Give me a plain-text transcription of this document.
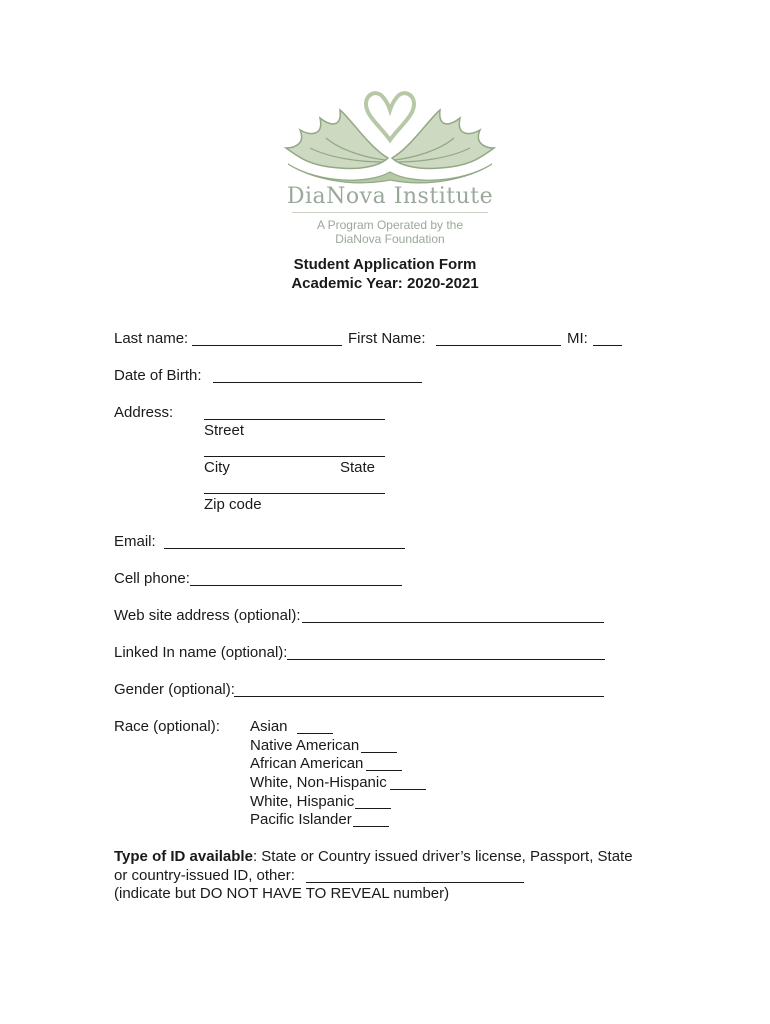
DiaNova Institute
A Program Operated by the
DiaNova Foundation
Student Application Form
Academic Year: 2020-2021
Last name:	First Name:	MI:
Date of Birth:
Address:
Street
City	State
Zip code
Email:
Cell phone:
Web site address (optional):
Linked In name (optional):
Gender (optional):
Race (optional): Asian
Native American
African American
White, Non-Hispanic
White, Hispanic
Pacific Islander
Type of ID available: State or Country issued driver’s license, Passport, State
or country-issued ID, other:
(indicate but DO NOT HAVE TO REVEAL number)
